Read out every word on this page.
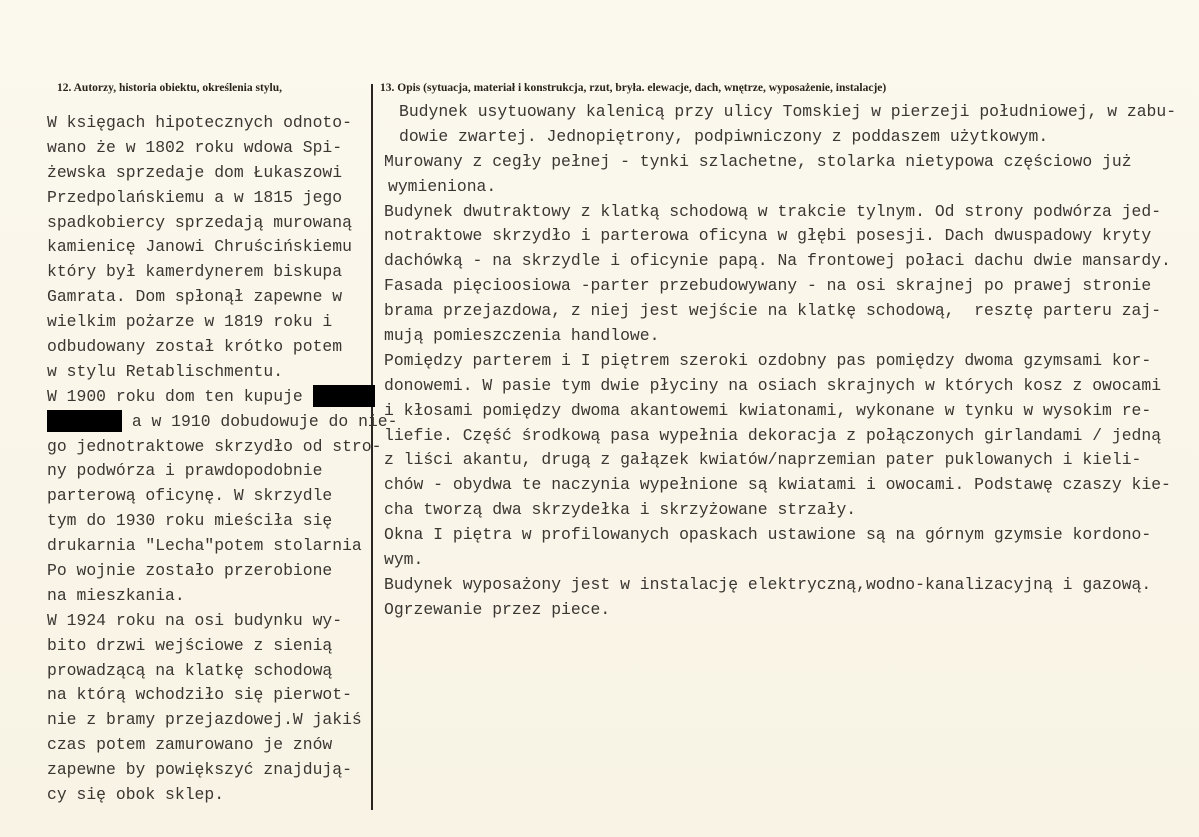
12. Autorzy, historia obiektu, określenia stylu,	13. Opis (sytuacja, materiał i konstrukcja, rzut, bryła. elewacje, dach, wnętrze, wyposażenie, instalacje)
W księgach hipotecznych odnoto-
wano że w 1802 roku wdowa Spi-
żewska sprzedaje dom Łukaszowi
Przedpolańskiemu a w 1815 jego
spadkobiercy sprzedają murowaną
kamienicę Janowi Chruścińskiemu
który był kamerdynerem biskupa
Gamrata. Dom spłonął zapewne w
wielkim pożarze w 1819 roku i
odbudowany został krótko potem
w stylu Retablischmentu.
W 1900 roku dom ten kupuje
a w 1910 dobudowuje do nie-
go jednotraktowe skrzydło od stro-
ny podwórza i prawdopodobnie
parterową oficynę. W skrzydle
tym do 1930 roku mieściła się
drukarnia "Lecha"potem stolarnia
Po wojnie zostało przerobione
na mieszkania.
W 1924 roku na osi budynku wy-
bito drzwi wejściowe z sienią
prowadzącą na klatkę schodową
na którą wchodziło się pierwot-
nie z bramy przejazdowej.W jakiś
czas potem zamurowano je znów
zapewne by powiększyć znajdują-
cy się obok sklep.
Budynek usytuowany kalenicą przy ulicy Tomskiej w pierzeji południowej, w zabu-
dowie zwartej. Jednopiętrony, podpiwniczony z poddaszem użytkowym.
Murowany z cegły pełnej - tynki szlachetne, stolarka nietypowa częściowo już
wymieniona.
Budynek dwutraktowy z klatką schodową w trakcie tylnym. Od strony podwórza jed-
notraktowe skrzydło i parterowa oficyna w głębi posesji. Dach dwuspadowy kryty
dachówką - na skrzydle i oficynie papą. Na frontowej połaci dachu dwie mansardy.
Fasada pięcioosiowa -parter przebudowywany - na osi skrajnej po prawej stronie
brama przejazdowa, z niej jest wejście na klatkę schodową,  resztę parteru zaj-
mują pomieszczenia handlowe.
Pomiędzy parterem i I piętrem szeroki ozdobny pas pomiędzy dwoma gzymsami kor-
donowemi. W pasie tym dwie płyciny na osiach skrajnych w których kosz z owocami
i kłosami pomiędzy dwoma akantowemi kwiatonami, wykonane w tynku w wysokim re-
liefie. Część środkową pasa wypełnia dekoracja z połączonych girlandami / jedną
z liści akantu, drugą z gałązek kwiatów/naprzemian pater puklowanych i kieli-
chów - obydwa te naczynia wypełnione są kwiatami i owocami. Podstawę czaszy kie-
cha tworzą dwa skrzydełka i skrzyżowane strzały.
Okna I piętra w profilowanych opaskach ustawione są na górnym gzymsie kordono-
wym.
Budynek wyposażony jest w instalację elektryczną,wodno-kanalizacyjną i gazową.
Ogrzewanie przez piece.
